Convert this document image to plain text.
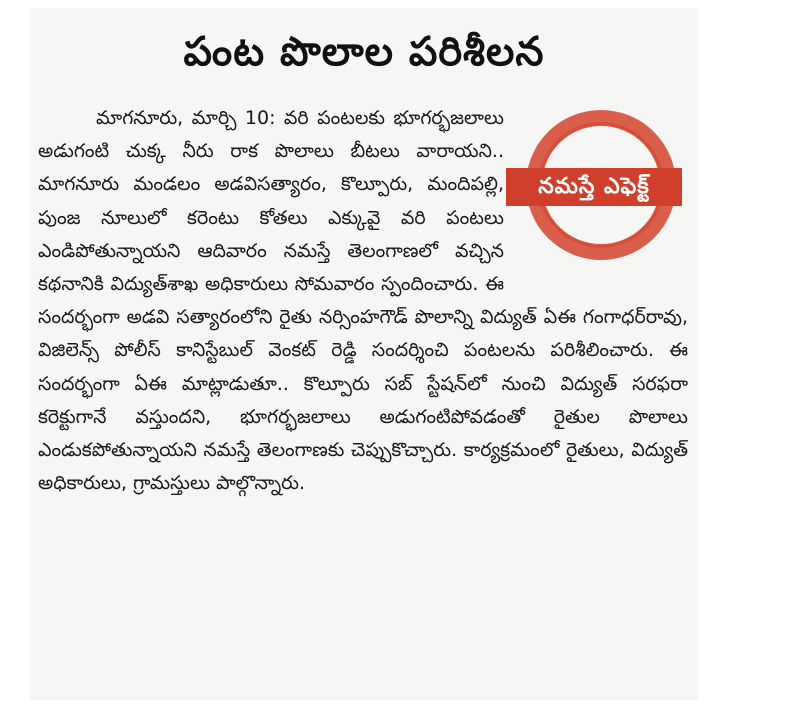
పంట పొలాల పరిశీలన
నమస్తే ఎఫెక్ట్

మాగనూరు, మార్చి 10: వరి పంటలకు భూగర్భజలాలు అడుగంటి చుక్క నీరు రాక పొలాలు బీటలు వారాయని.. మాగనూరు మండలం అడవిసత్యారం, కొల్పూరు, మందిపల్లి, పుంజ నూలులో కరెంటు కోతలు ఎక్కువై వరి పంటలు ఎండిపోతున్నాయని ఆదివారం నమస్తే తెలంగాణలో వచ్చిన కథనానికి విద్యుత్‌శాఖ అధికారులు సోమవారం స్పందించారు. ఈ సందర్భంగా అడవి సత్యారంలోని రైతు నర్సింహగౌడ్ పొలాన్ని విద్యుత్ ఏఈ గంగాధర్‌రావు, విజిలెన్స్ పోలీస్ కానిస్టేబుల్ వెంకట్ రెడ్డి సందర్శించి పంటలను పరిశీలించారు. ఈ సందర్భంగా ఏఈ మాట్లాడుతూ.. కొల్పూరు సబ్ స్టేషన్‌లో నుంచి విద్యుత్ సరఫరా కరెక్టుగానే వస్తుందని, భూగర్భజలాలు అడుగంటిపోవడంతో రైతుల పొలాలు ఎండుకపోతున్నాయని నమస్తే తెలంగాణకు చెప్పుకొచ్చారు. కార్యక్రమంలో రైతులు, విద్యుత్ అధికారులు, గ్రామస్తులు పాల్గొన్నారు.
